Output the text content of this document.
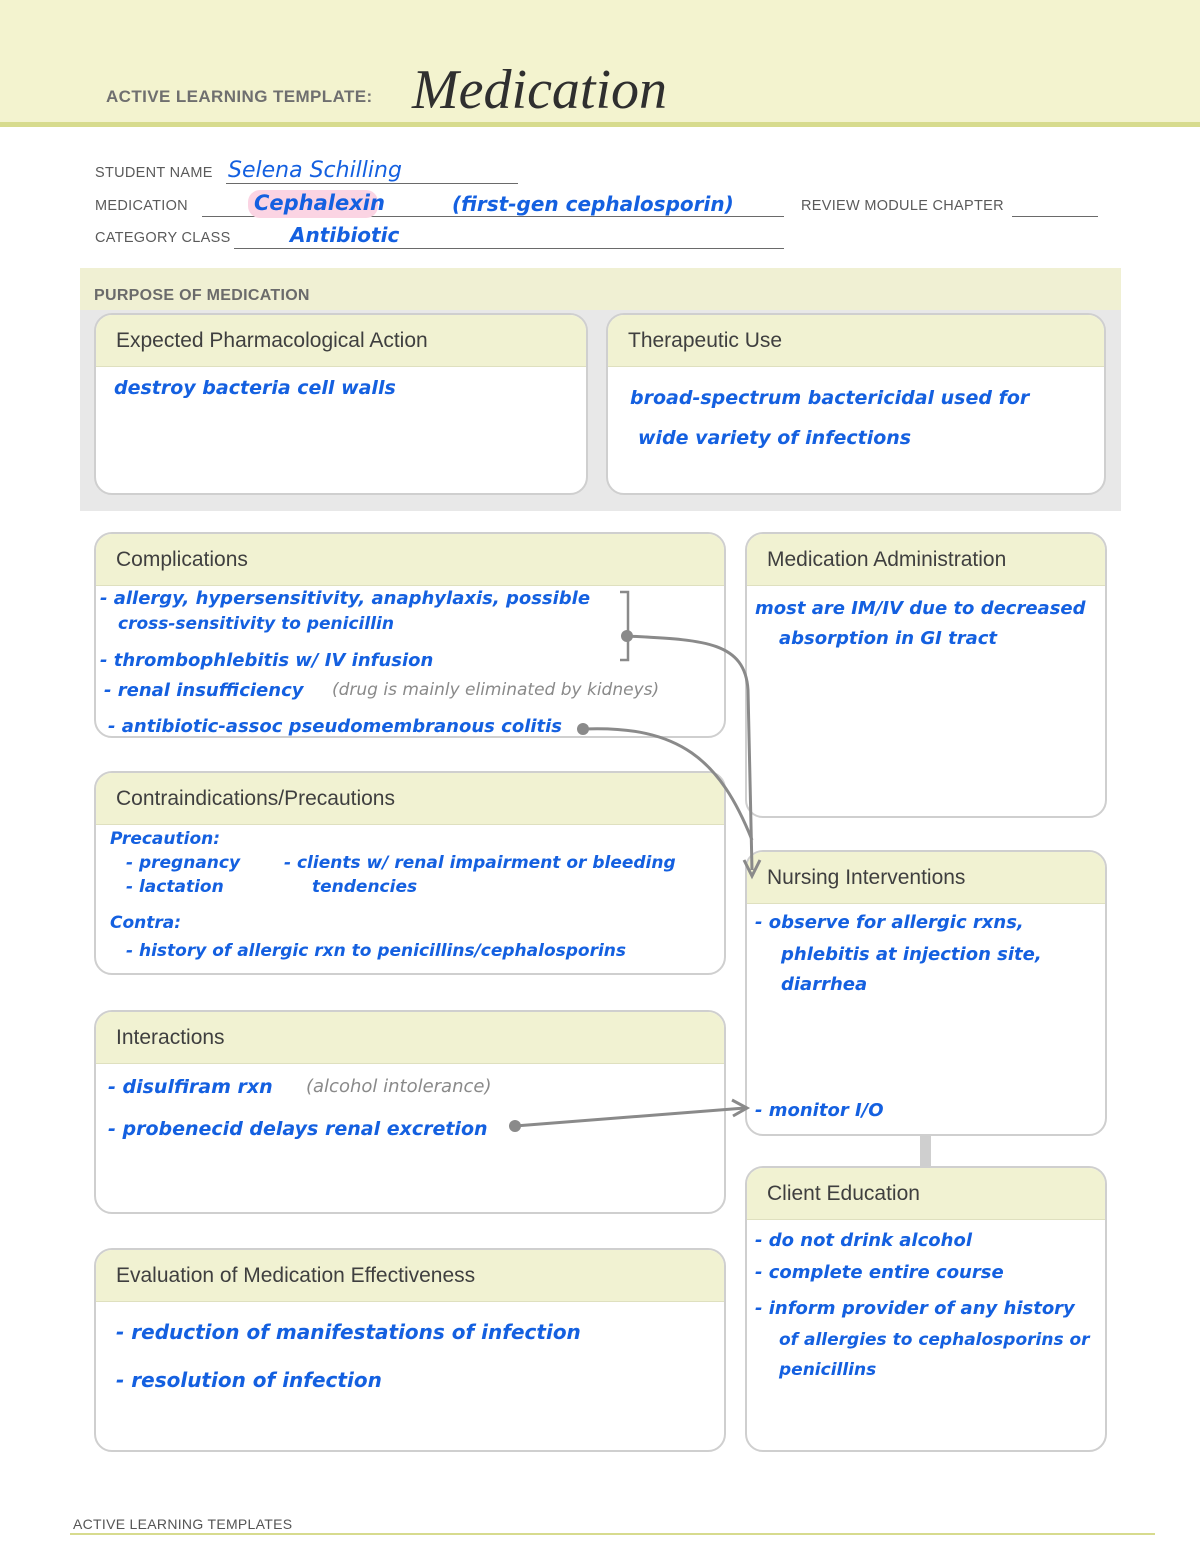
ACTIVE LEARNING TEMPLATE: Medication
STUDENT NAME Selena Schilling
MEDICATION	Cephalexin	(first-gen cephalosporin)	REVIEW MODULE CHAPTER
CATEGORY CLASS	Antibiotic
PURPOSE OF MEDICATION
Expected Pharmacological Action
destroy bacteria cell walls
Therapeutic Use
broad-spectrum bactericidal used for
wide variety of infections
Complications
- allergy, hypersensitivity, anaphylaxis, possible
cross-sensitivity to penicillin
- thrombophlebitis w/ IV infusion
- renal insufficiency (drug is mainly eliminated by kidneys)
- antibiotic-assoc pseudomembranous colitis
Medication Administration
most are IM/IV due to decreased
absorption in GI tract
Contraindications/Precautions
Precaution:
- pregnancy
- lactation
- clients w/ renal impairment or bleeding
tendencies
Contra:
- history of allergic rxn to penicillins/cephalosporins
Nursing Interventions
- observe for allergic rxns,
phlebitis at injection site,
diarrhea
- monitor I/O
Interactions
- disulfiram rxn (alcohol intolerance)
- probenecid delays renal excretion
Client Education
- do not drink alcohol
- complete entire course
- inform provider of any history
of allergies to cephalosporins or
penicillins
Evaluation of Medication Effectiveness
- reduction of manifestations of infection
- resolution of infection
ACTIVE LEARNING TEMPLATES
